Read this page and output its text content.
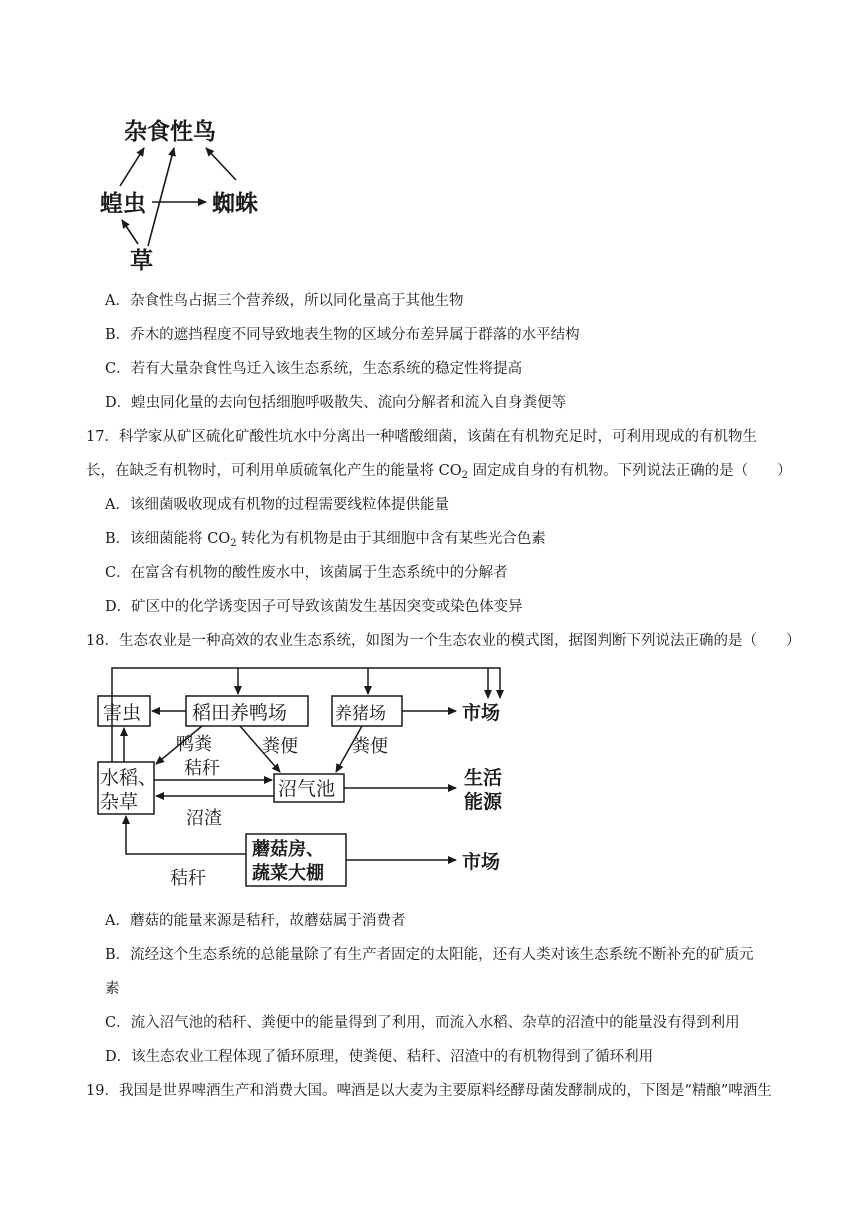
杂食性鸟
蝗虫	蜘蛛
草
A．杂食性鸟占据三个营养级，所以同化量高于其他生物
B．乔木的遮挡程度不同导致地表生物的区域分布差异属于群落的水平结构
C．若有大量杂食性鸟迁入该生态系统，生态系统的稳定性将提高
D．蝗虫同化量的去向包括细胞呼吸散失、流向分解者和流入自身粪便等
17．科学家从矿区硫化矿酸性坑水中分离出一种嗜酸细菌，该菌在有机物充足时，可利用现成的有机物生
长，在缺乏有机物时，可利用单质硫氧化产生的能量将 $CO_2$ 固定成自身的有机物。下列说法正确的是（　　）
A．该细菌吸收现成有机物的过程需要线粒体提供能量
B．该细菌能将 $CO_2$ 转化为有机物是由于其细胞中含有某些光合色素
C．在富含有机物的酸性废水中，该菌属于生态系统中的分解者
D．矿区中的化学诱变因子可导致该菌发生基因突变或染色体变异
18．生态农业是一种高效的农业生态系统，如图为一个生态农业的模式图，据图判断下列说法正确的是（　　）
害虫	稻田养鸭场	养猪场	市场
水稻、
杂草
沼气池	生活
能源
蘑菇房、
蔬菜大棚
市场
鸭粪
秸秆
粪便	粪便
沼渣
秸秆
A．蘑菇的能量来源是秸秆，故蘑菇属于消费者
B．流经这个生态系统的总能量除了有生产者固定的太阳能，还有人类对该生态系统不断补充的矿质元
素
C．流入沼气池的秸秆、粪便中的能量得到了利用，而流入水稻、杂草的沼渣中的能量没有得到利用
D．该生态农业工程体现了循环原理，使粪便、秸秆、沼渣中的有机物得到了循环利用
19．我国是世界啤酒生产和消费大国。啤酒是以大麦为主要原料经酵母菌发酵制成的，下图是“精酿”啤酒生
